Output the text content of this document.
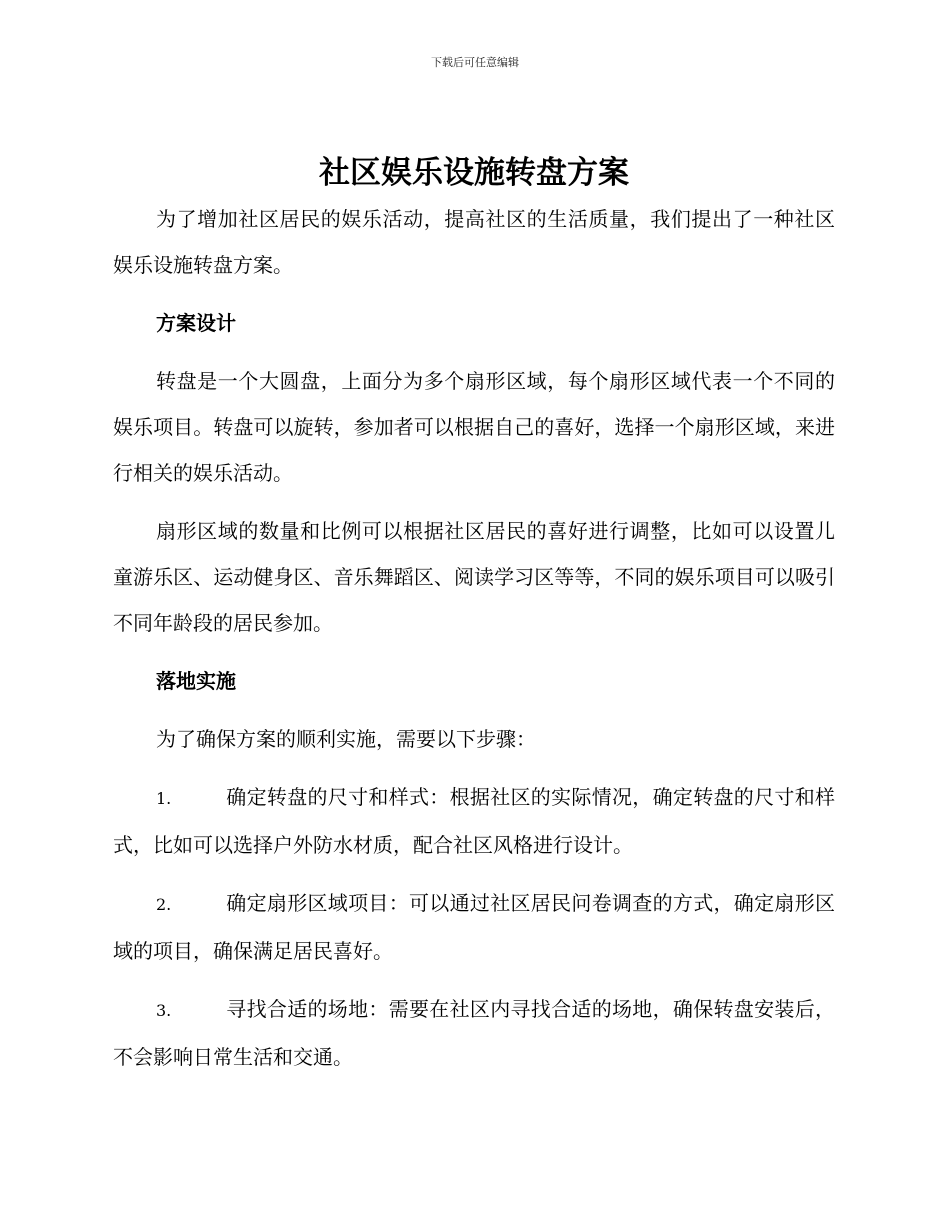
下载后可任意编辑
社区娱乐设施转盘方案

为了增加社区居民的娱乐活动，提高社区的生活质量，我们提出了一种社区娱乐设施转盘方案。

方案设计

转盘是一个大圆盘，上面分为多个扇形区域，每个扇形区域代表一个不同的娱乐项目。转盘可以旋转，参加者可以根据自己的喜好，选择一个扇形区域，来进行相关的娱乐活动。

扇形区域的数量和比例可以根据社区居民的喜好进行调整，比如可以设置儿童游乐区、运动健身区、音乐舞蹈区、阅读学习区等等，不同的娱乐项目可以吸引不同年龄段的居民参加。

落地实施

为了确保方案的顺利实施，需要以下步骤：

1.	确定转盘的尺寸和样式：根据社区的实际情况，确定转盘的尺寸和样式，比如可以选择户外防水材质，配合社区风格进行设计。

2.	确定扇形区域项目：可以通过社区居民问卷调查的方式，确定扇形区域的项目，确保满足居民喜好。

3.	寻找合适的场地：需要在社区内寻找合适的场地，确保转盘安装后，不会影响日常生活和交通。
